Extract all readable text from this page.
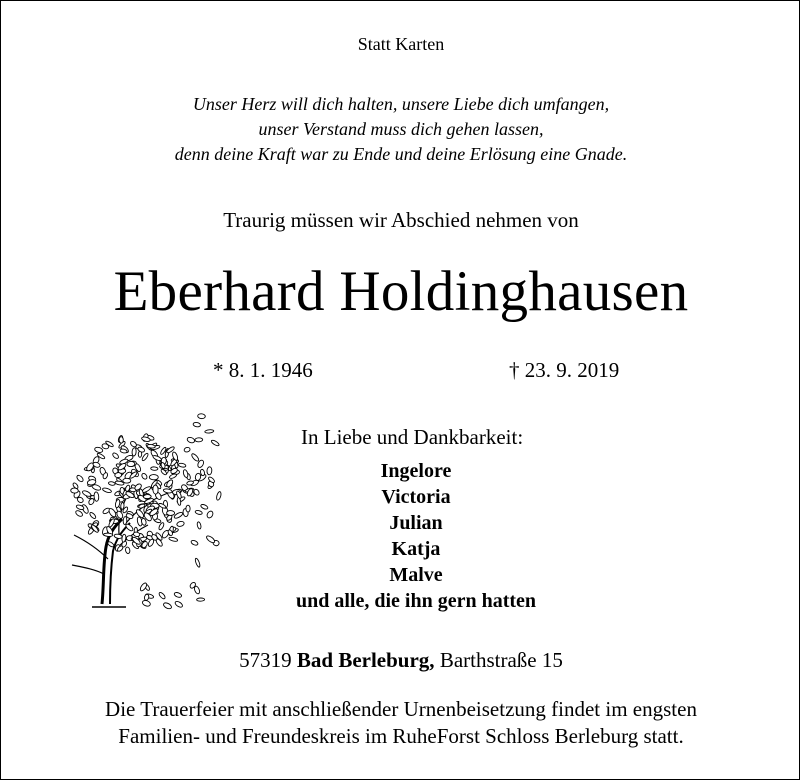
Statt Karten
Unser Herz will dich halten, unsere Liebe dich umfangen,
unser Verstand muss dich gehen lassen,
denn deine Kraft war zu Ende und deine Erlösung eine Gnade.
Traurig müssen wir Abschied nehmen von
Eberhard Holdinghausen
* 8. 1. 1946	† 23. 9. 2019
In Liebe und Dankbarkeit:
Ingelore
Victoria
Julian
Katja
Malve
und alle, die ihn gern hatten
57319 Bad Berleburg, Barthstraße 15
Die Trauerfeier mit anschließender Urnenbeisetzung findet im engsten
Familien- und Freundeskreis im RuheForst Schloss Berleburg statt.
